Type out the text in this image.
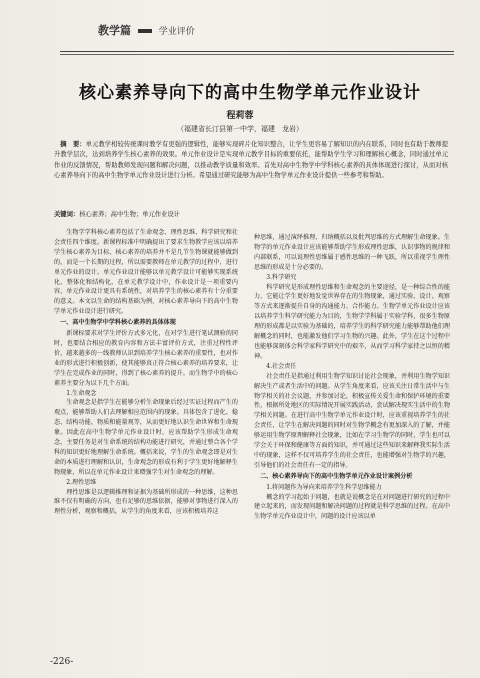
教学篇	学业评价
核心素养导向下的高中生物学单元作业设计
程莉蓉
（福建省长汀县第一中学，福建　龙岩）
摘　要：单元教学相较传统课时教学有更强的逻辑性，能够实现碎片化知识整合，让学生更容易了解知识的内在联系，同时也有助于教师提升教学层次，达到培养学生核心素养的效果。单元作业设计是实现单元教学目标的重要依托，能帮助学生学习和理解核心概念，同时通过单元作业的反馈情况，帮助教师发现问题和解决问题，以推动教学质量和效率。首先对高中生物学中学科核心素养的具体体现进行探讨，从而对核心素养导向下的高中生物学单元作业设计进行分析。希望通过研究能够为高中生物学单元作业设计提供一些参考和帮助。
关键词：核心素养；高中生物；单元作业设计

生物学学科核心素养包括了生命观念、理性思维、科学研究和社会责任四个维度。新课程标准中明确提出了要求生物教学应该以培养学生核心素养为目标，核心素养的培养并不是几节生物课就能够做到的，而是一个长期的过程，所以需要教师在单元教学的过程中，进行单元作业的设计。单元作业设计能够以单元教学设计可能够实现系统化、整体化和结构化，在单元教学设计中，作业设计是一项重要内容，单元作业设计更具有系统性，对培养学生的核心素养有十分重要的意义。本文以生命的结构基础为例，对核心素养导向下的高中生物学单元作业设计进行研究。

一、高中生物学中学科核心素养的具体体现

新课标要求对学生评价方式多元化，在对学生进行笔试测验的同时，也要结合相应的教育内容和方法丰富评价方式，注重过程性评价，越来越多的一线教师认识到培养学生核心素养的重要性，也对作业的形式进行积极创新，使其能够真正符合核心素养的培养要求，让学生在完成作业的同时，得到了核心素养的提升。而生物学中的核心素养主要分为以下几个方面。

1.生命观念

生命观念是指学生在能够分析生命现象后经过实证过程而产生的观点，能够帮助人们去理解相应范围内的现象。具体包含了进化、稳态、结构功能、物质和能量观等，从而更好地认识生命世界和生命现象。因此在高中生物学单元作业设计时，应该帮助学生形成生命观念，主要任务是对生命系统的结构功能进行研究，并通过整合各个学科的知识更好地理解生命系统。概括来说，学生的生命观念即是对生命的本质进行理解和认识，生命观念的形成有利于学生更好地解释生物现象，所以在单元作业设计来增强学生对生命观念的理解。

2.理性思维

理性思维是以逻辑推理和证据为基础所形成的一种思维，这种思维不仅有明确的方向，也有足够的思维依据，能够对事物进行深入的理性分析，观察和概括，从学生的角度来看，应该积极培养这

种思维，通过演绎推理、归纳概括以及批判思维的方式理解生命现象。生物学的单元作业设计应该能够帮助学生形成理性思维，认识事物的规律和内部联系，可以说理性思维属于感性思维的一种飞跃，所以重视学生理性思维的形成是十分必要的。

3.科学研究

科学研究是形成理性思维和生命观念的主要途径，是一种综合性的能力，它能让学生更好地发觉世界存在的生物现象，通过实验、设计、观察等方式来逐渐提升自身的沟通能力、合作能力。生物学单元作业设计应该以培养学生科学研究能力为目的，生物学学科属于实验学科，很多生物原理的形成都是以实验为基础的，培养学生的科学研究能力能够帮助他们理解概念的同时，也能激发他们学习生物的兴趣。此外，学生在这个过程中也能够深刻体会科学家科学研究中的艰辛，从而学习科学家持之以恒的精神。

4.社会责任

社会责任是指通过利用生物学知识讨论社会现象，并利用生物学知识解决生产或者生活中的问题。从学生角度来看，应该关注日常生活中与生物学相关的社会议题，并参加讨论，积极宣传关爱生命和保护环境的重要性，根据所处地区的实际情况开展实践活动，尝试解决现实生活中的生物学相关问题。在进行高中生物学单元作业设计时，应该重视培养学生的社会责任，让学生在解决问题的同时对生物学概念有更加深入的了解，并能够运用生物学原理解释社会现象，比如在学习生物学的同时，学生也可以学会关于环保和健康等方面的知识，并可通过这些知识来解释我实际生活中的现象，这样不仅可培养学生的社会责任，也能增强对生物学的兴趣，引导他们的社会责任有一定的指导。

二、核心素养导向下的高中生物学单元作业设计案例分析

1.将问题作为导向来培养学生科学思维能力

概念的学习起始于问题，也就是说概念是在对问题进行研究的过程中建立起来的，而发现问题和解决问题的过程就是科学思维的过程。在高中生物学单元作业设计中，问题的设计应该以单

-226-
